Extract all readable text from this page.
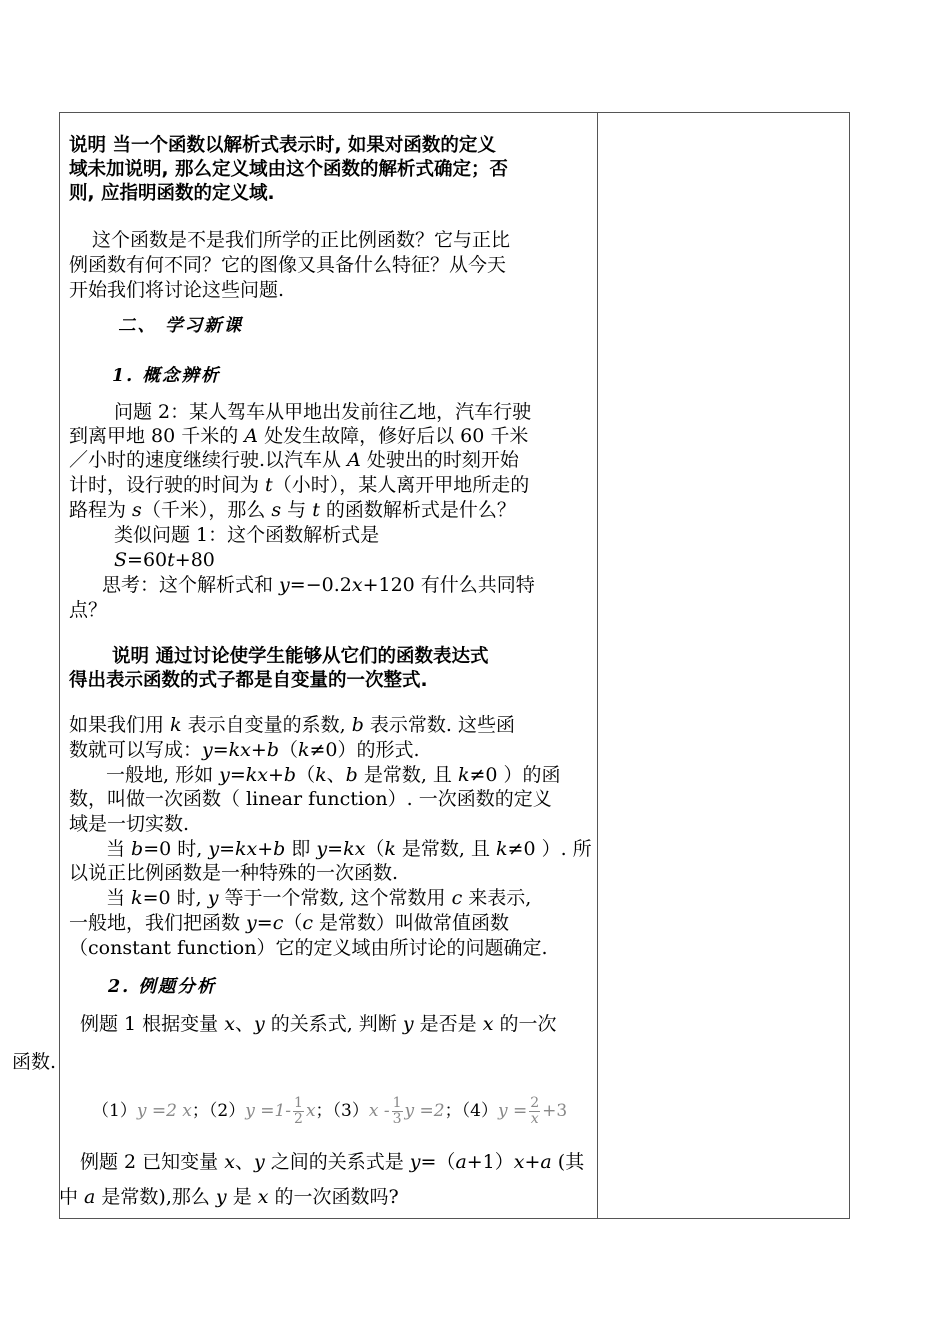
说明 当一个函数以解析式表示时, 如果对函数的定义
域未加说明, 那么定义域由这个函数的解析式确定；否
则, 应指明函数的定义域.
这个函数是不是我们所学的正比例函数？它与正比
例函数有何不同？它的图像又具备什么特征？从今天
开始我们将讨论这些问题.
二、 学习新课
1. 概念辨析
问题 2：某人驾车从甲地出发前往乙地，汽车行驶
到离甲地 80 千米的 A 处发生故障，修好后以 60 千米
／小时的速度继续行驶.以汽车从 A 处驶出的时刻开始
计时，设行驶的时间为 t（小时），某人离开甲地所走的
路程为 s（千米），那么 s 与 t 的函数解析式是什么？
类似问题 1：这个函数解析式是
S=60t+80
思考：这个解析式和 y=−0.2x+120 有什么共同特
点？
说明 通过讨论使学生能够从它们的函数表达式
得出表示函数的式子都是自变量的一次整式.
如果我们用 k 表示自变量的系数, b 表示常数. 这些函
数就可以写成：y=kx+b（k≠0）的形式.
一般地, 形如 y=kx+b（k、b 是常数, 且 k≠0 ）的函
数，叫做一次函数（ linear function）. 一次函数的定义
域是一切实数.
当 b=0 时, y=kx+b 即 y=kx（k 是常数, 且 k≠0 ）. 所
以说正比例函数是一种特殊的一次函数.
当 k=0 时, y 等于一个常数, 这个常数用 c 来表示,
一般地，我们把函数 y=c（c 是常数）叫做常值函数
（constant function）它的定义域由所讨论的问题确定.
2. 例题分析
例题 1 根据变量 x、y 的关系式, 判断 y 是否是 x 的一次
函数.
（1）y =2 x；$(2)y =1- \frac{1}{2}$ x；$(3)x - \frac{1}{3}$ y =2；$(4)y = \frac{2}{x} +3$
例题 2 已知变量 x、y 之间的关系式是 y=（a+1）x+a (其
中 a 是常数),那么 y 是 x 的一次函数吗?
